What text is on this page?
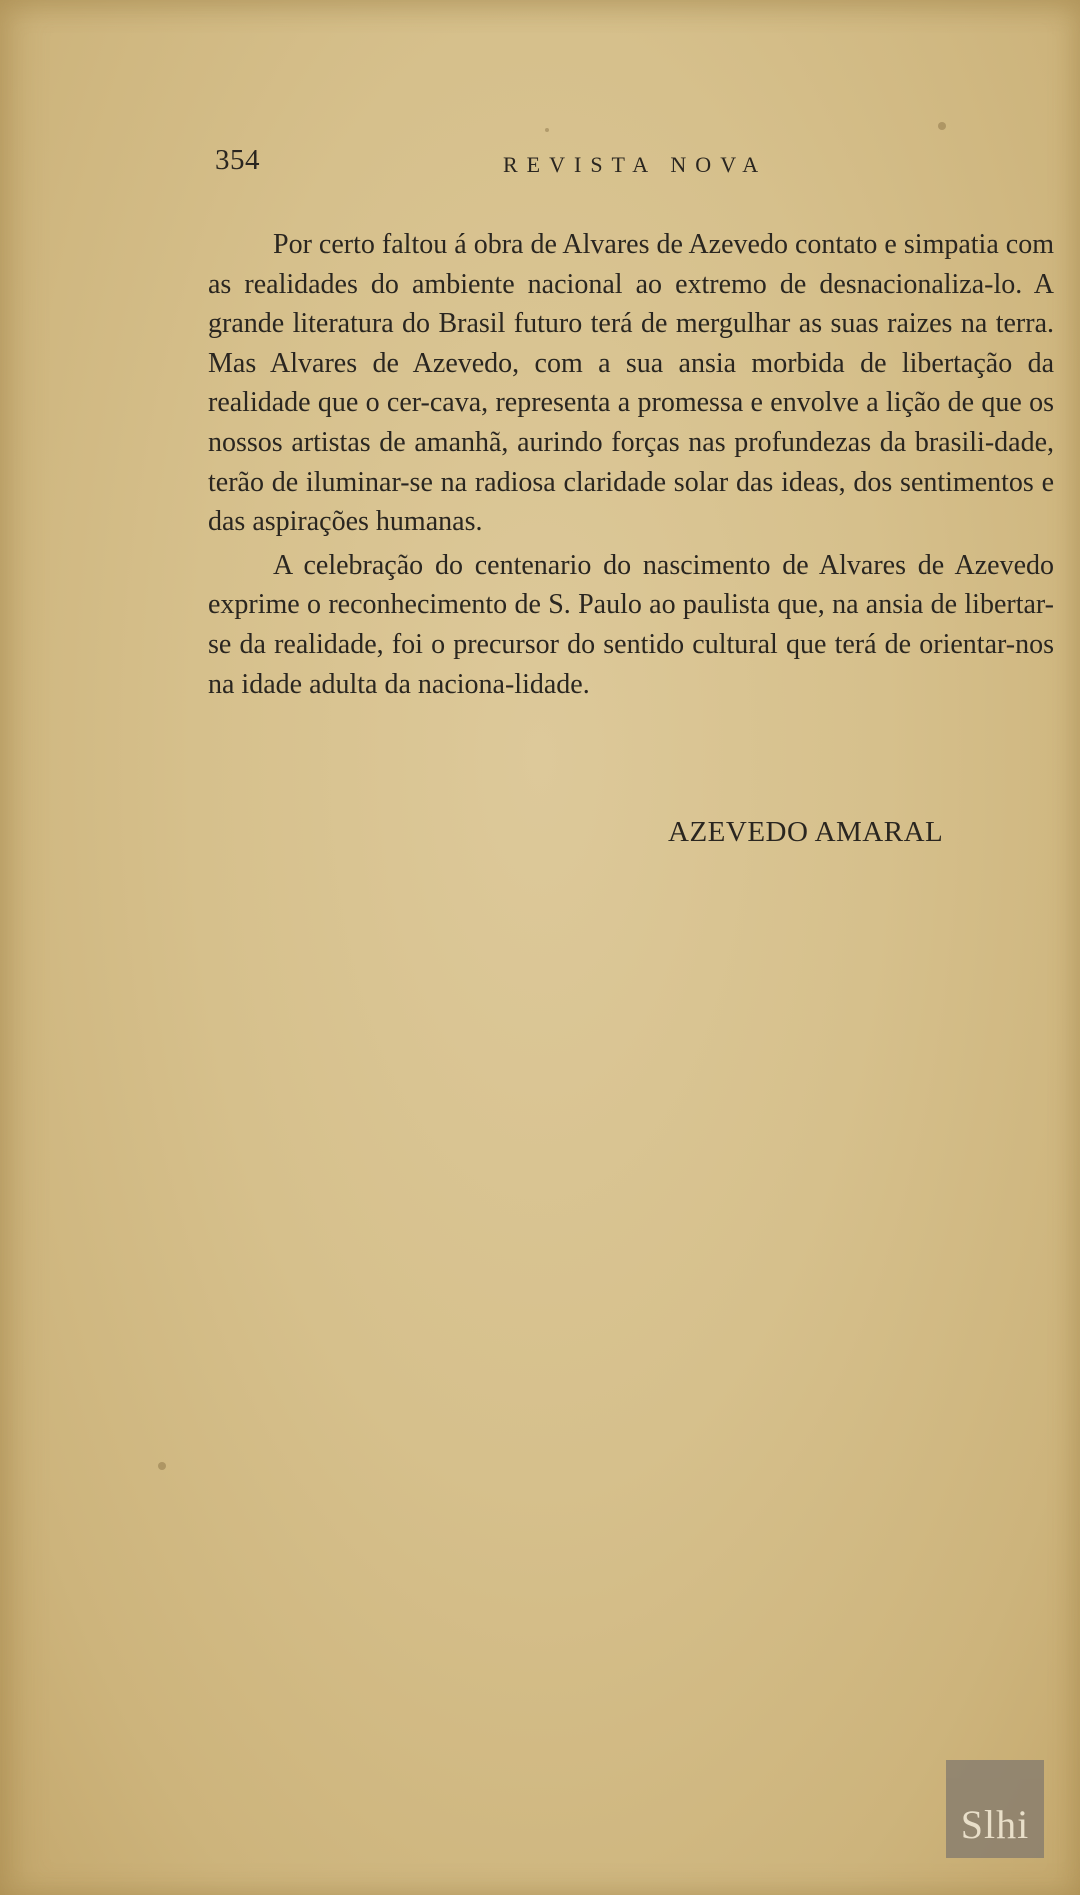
354	REVISTA NOVA

Por certo faltou á obra de Alvares de Azevedo contato e simpatia com as realidades do ambiente nacional ao extremo de desnacionaliza-lo. A grande literatura do Brasil futuro terá de mergulhar as suas raizes na terra. Mas Alvares de Azevedo, com a sua ansia morbida de libertação da realidade que o cer-cava, representa a promessa e envolve a lição de que os nossos artistas de amanhã, aurindo forças nas profundezas da brasili-dade, terão de iluminar-se na radiosa claridade solar das ideas, dos sentimentos e das aspirações humanas.

A celebração do centenario do nascimento de Alvares de Azevedo exprime o reconhecimento de S. Paulo ao paulista que, na ansia de libertar-se da realidade, foi o precursor do sentido cultural que terá de orientar-nos na idade adulta da naciona-lidade.

AZEVEDO AMARAL
Slhi
